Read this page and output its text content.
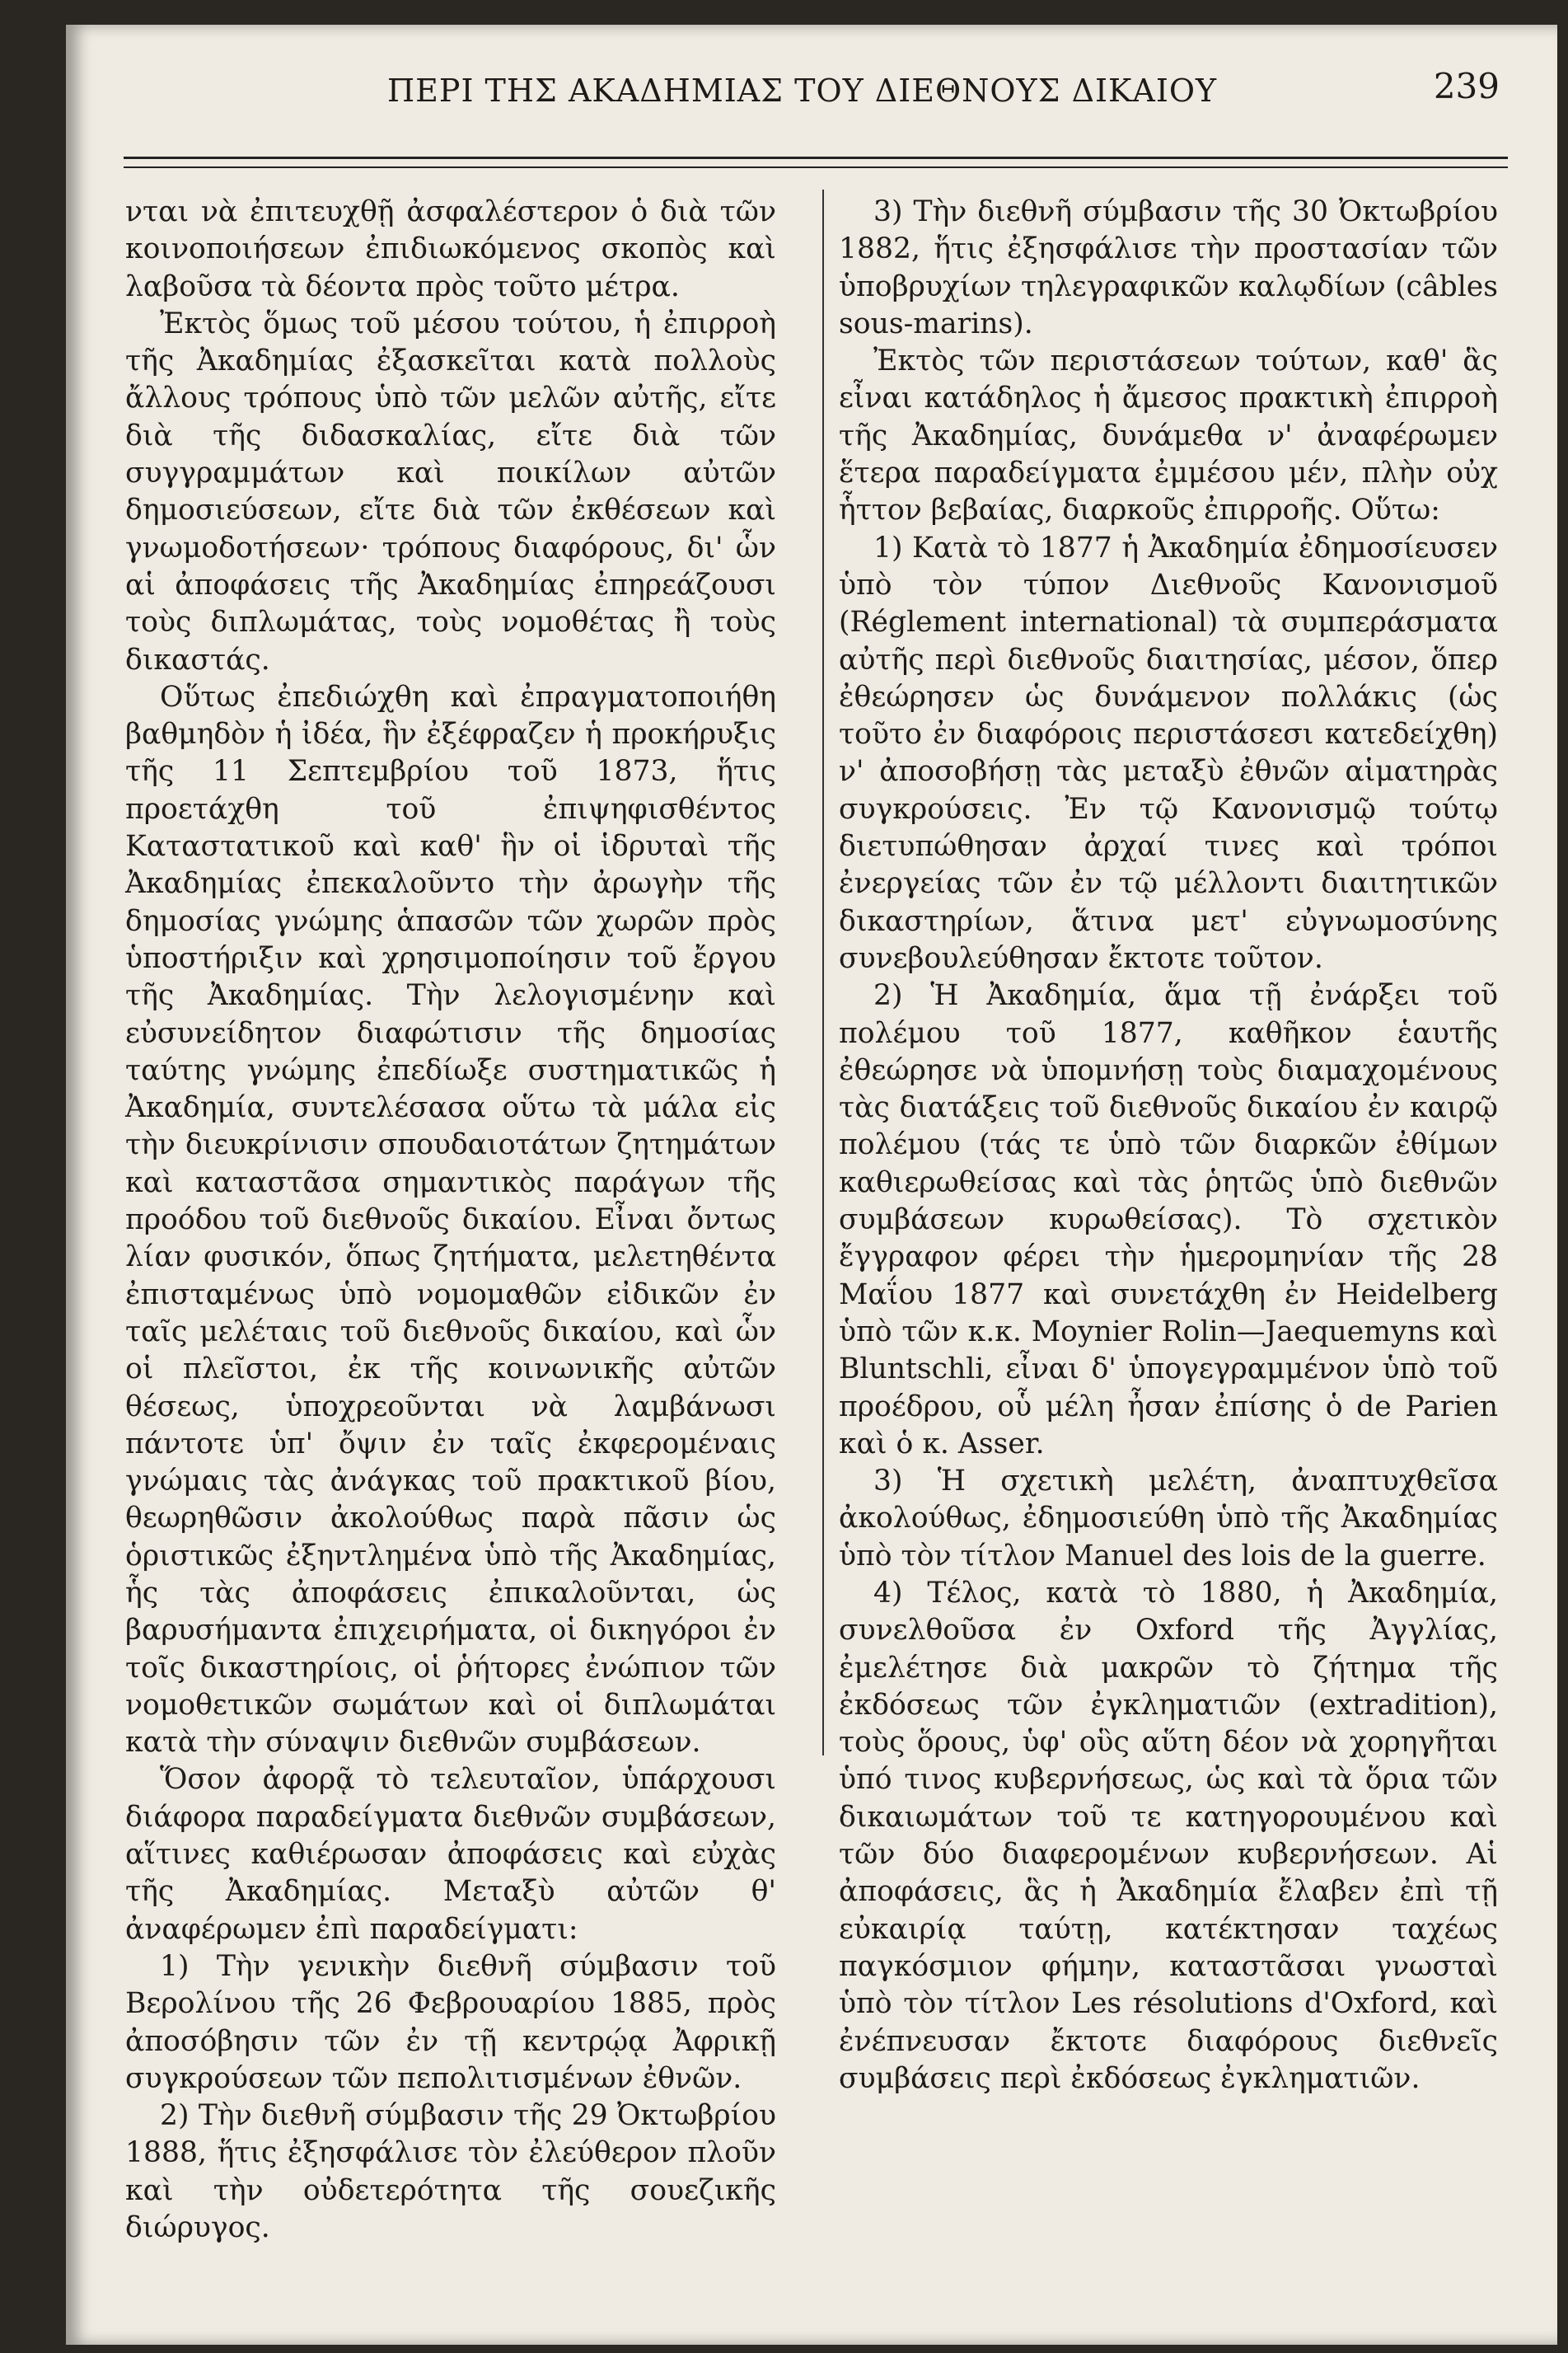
ΠΕΡΙ ΤΗΣ ΑΚΑΔΗΜΙΑΣ ΤΟΥ ΔΙΕΘΝΟΥΣ ΔΙΚΑΙΟΥ	239

νται νὰ ἐπιτευχθῇ ἀσφαλέστερον ὁ διὰ τῶν κοινοποιήσεων ἐπιδιωκόμενος σκοπὸς καὶ λαβοῦσα τὰ δέοντα πρὸς τοῦτο μέτρα.

Ἐκτὸς ὅμως τοῦ μέσου τούτου, ἡ ἐπιρροὴ τῆς Ἀκαδημίας ἐξασκεῖται κατὰ πολλοὺς ἄλλους τρόπους ὑπὸ τῶν μελῶν αὐτῆς, εἴτε διὰ τῆς διδασκαλίας, εἴτε διὰ τῶν συγγραμμάτων καὶ ποικίλων αὐτῶν δημοσιεύσεων, εἴτε διὰ τῶν ἐκθέσεων καὶ γνωμοδοτήσεων· τρόπους διαφόρους, δι' ὧν αἱ ἀποφάσεις τῆς Ἀκαδημίας ἐπηρεάζουσι τοὺς διπλωμάτας, τοὺς νομοθέτας ἢ τοὺς δικαστάς.

Οὕτως ἐπεδιώχθη καὶ ἐπραγματοποιήθη βαθμηδὸν ἡ ἰδέα, ἣν ἐξέφραζεν ἡ προκήρυξις τῆς 11 Σεπτεμβρίου τοῦ 1873, ἥτις προετάχθη τοῦ ἐπιψηφισθέντος Καταστατικοῦ καὶ καθ' ἣν οἱ ἱδρυταὶ τῆς Ἀκαδημίας ἐπεκαλοῦντο τὴν ἀρωγὴν τῆς δημοσίας γνώμης ἁπασῶν τῶν χωρῶν πρὸς ὑποστήριξιν καὶ χρησιμοποίησιν τοῦ ἔργου τῆς Ἀκαδημίας. Τὴν λελογισμένην καὶ εὐσυνείδητον διαφώτισιν τῆς δημοσίας ταύτης γνώμης ἐπεδίωξε συστηματικῶς ἡ Ἀκαδημία, συντελέσασα οὕτω τὰ μάλα εἰς τὴν διευκρίνισιν σπουδαιοτάτων ζητημάτων καὶ καταστᾶσα σημαντικὸς παράγων τῆς προόδου τοῦ διεθνοῦς δικαίου. Εἶναι ὄντως λίαν φυσικόν, ὅπως ζητήματα, μελετηθέντα ἐπισταμένως ὑπὸ νομομαθῶν εἰδικῶν ἐν ταῖς μελέταις τοῦ διεθνοῦς δικαίου, καὶ ὧν οἱ πλεῖστοι, ἐκ τῆς κοινωνικῆς αὐτῶν θέσεως, ὑποχρεοῦνται νὰ λαμβάνωσι πάντοτε ὑπ' ὄψιν ἐν ταῖς ἐκφερομέναις γνώμαις τὰς ἀνάγκας τοῦ πρακτικοῦ βίου, θεωρηθῶσιν ἀκολούθως παρὰ πᾶσιν ὡς ὁριστικῶς ἐξηντλημένα ὑπὸ τῆς Ἀκαδημίας, ἧς τὰς ἀποφάσεις ἐπικαλοῦνται, ὡς βαρυσήμαντα ἐπιχειρήματα, οἱ δικηγόροι ἐν τοῖς δικαστηρίοις, οἱ ῥήτορες ἐνώπιον τῶν νομοθετικῶν σωμάτων καὶ οἱ διπλωμάται κατὰ τὴν σύναψιν διεθνῶν συμβάσεων.

Ὅσον ἀφορᾷ τὸ τελευταῖον, ὑπάρχουσι διάφορα παραδείγματα διεθνῶν συμβάσεων, αἵτινες καθιέρωσαν ἀποφάσεις καὶ εὐχὰς τῆς Ἀκαδημίας. Μεταξὺ αὐτῶν θ' ἀναφέρωμεν ἐπὶ παραδείγματι:

1) Τὴν γενικὴν διεθνῆ σύμβασιν τοῦ Βερολίνου τῆς 26 Φεβρουαρίου 1885, πρὸς ἀποσόβησιν τῶν ἐν τῇ κεντρῴᾳ Ἀφρικῇ συγκρούσεων τῶν πεπολιτισμένων ἐθνῶν.

2) Τὴν διεθνῆ σύμβασιν τῆς 29 Ὀκτωβρίου 1888, ἥτις ἐξησφάλισε τὸν ἐλεύθερον πλοῦν καὶ τὴν οὐδετερότητα τῆς σουεζικῆς διώρυγος.

3) Τὴν διεθνῆ σύμβασιν τῆς 30 Ὀκτωβρίου 1882, ἥτις ἐξησφάλισε τὴν προστασίαν τῶν ὑποβρυχίων τηλεγραφικῶν καλῳδίων (câbles sous-marins).

Ἐκτὸς τῶν περιστάσεων τούτων, καθ' ἃς εἶναι κατάδηλος ἡ ἄμεσος πρακτικὴ ἐπιρροὴ τῆς Ἀκαδημίας, δυνάμεθα ν' ἀναφέρωμεν ἕτερα παραδείγματα ἐμμέσου μέν, πλὴν οὐχ ἧττον βεβαίας, διαρκοῦς ἐπιρροῆς. Οὕτω:

1) Κατὰ τὸ 1877 ἡ Ἀκαδημία ἐδημοσίευσεν ὑπὸ τὸν τύπον Διεθνοῦς Κανονισμοῦ (Réglement international) τὰ συμπεράσματα αὐτῆς περὶ διεθνοῦς διαιτησίας, μέσον, ὅπερ ἐθεώρησεν ὡς δυνάμενον πολλάκις (ὡς τοῦτο ἐν διαφόροις περιστάσεσι κατεδείχθη) ν' ἀποσοβήσῃ τὰς μεταξὺ ἐθνῶν αἱματηρὰς συγκρούσεις. Ἐν τῷ Κανονισμῷ τούτῳ διετυπώθησαν ἀρχαί τινες καὶ τρόποι ἐνεργείας τῶν ἐν τῷ μέλλοντι διαιτητικῶν δικαστηρίων, ἅτινα μετ' εὐγνωμοσύνης συνεβουλεύθησαν ἔκτοτε τοῦτον.

2) Ἡ Ἀκαδημία, ἅμα τῇ ἐνάρξει τοῦ πολέμου τοῦ 1877, καθῆκον ἑαυτῆς ἐθεώρησε νὰ ὑπομνήσῃ τοὺς διαμαχομένους τὰς διατάξεις τοῦ διεθνοῦς δικαίου ἐν καιρῷ πολέμου (τάς τε ὑπὸ τῶν διαρκῶν ἐθίμων καθιερωθείσας καὶ τὰς ῥητῶς ὑπὸ διεθνῶν συμβάσεων κυρωθείσας). Τὸ σχετικὸν ἔγγραφον φέρει τὴν ἡμερομηνίαν τῆς 28 Μαΐου 1877 καὶ συνετάχθη ἐν Heidelberg ὑπὸ τῶν κ.κ. Moynier Rolin—Jaequemyns καὶ Bluntschli, εἶναι δ' ὑπογεγραμμένον ὑπὸ τοῦ προέδρου, οὗ μέλη ἦσαν ἐπίσης ὁ de Parien καὶ ὁ κ. Asser.

3) Ἡ σχετικὴ μελέτη, ἀναπτυχθεῖσα ἀκολούθως, ἐδημοσιεύθη ὑπὸ τῆς Ἀκαδημίας ὑπὸ τὸν τίτλον Manuel des lois de la guerre.

4) Τέλος, κατὰ τὸ 1880, ἡ Ἀκαδημία, συνελθοῦσα ἐν Oxford τῆς Ἀγγλίας, ἐμελέτησε διὰ μακρῶν τὸ ζήτημα τῆς ἐκδόσεως τῶν ἐγκληματιῶν (extradition), τοὺς ὅρους, ὑφ' οὓς αὕτη δέον νὰ χορηγῆται ὑπό τινος κυβερνήσεως, ὡς καὶ τὰ ὅρια τῶν δικαιωμάτων τοῦ τε κατηγορουμένου καὶ τῶν δύο διαφερομένων κυβερνήσεων. Αἱ ἀποφάσεις, ἃς ἡ Ἀκαδημία ἔλαβεν ἐπὶ τῇ εὐκαιρίᾳ ταύτῃ, κατέκτησαν ταχέως παγκόσμιον φήμην, καταστᾶσαι γνωσταὶ ὑπὸ τὸν τίτλον Les résolutions d'Oxford, καὶ ἐνέπνευσαν ἔκτοτε διαφόρους διεθνεῖς συμβάσεις περὶ ἐκδόσεως ἐγκληματιῶν.
